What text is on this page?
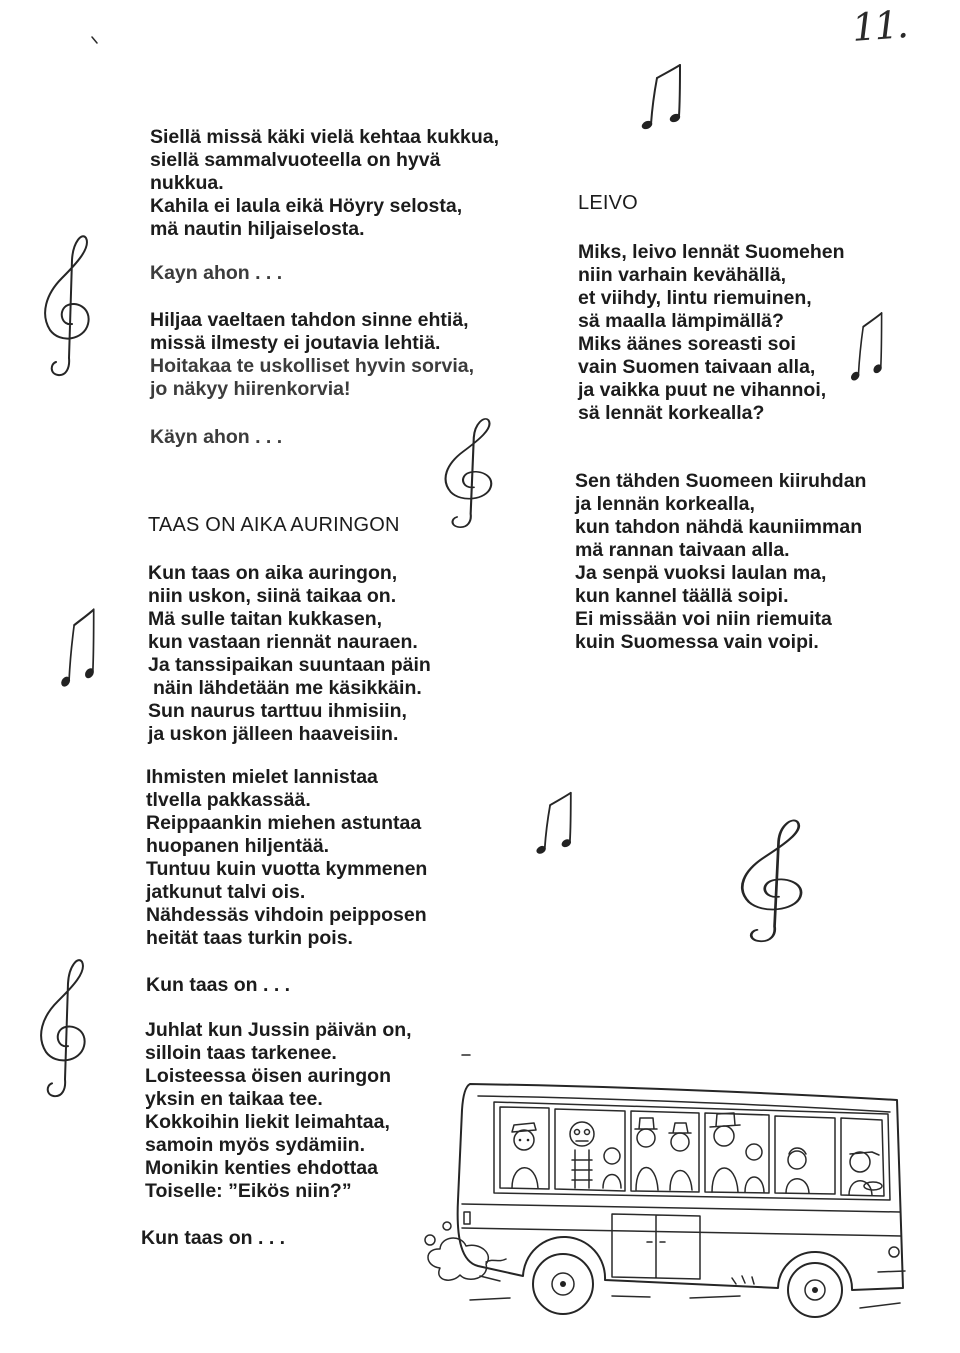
11.
Siellä missä käki vielä kehtaa kukkua,
siellä sammalvuoteella on hyvä
nukkua.
Kahila ei laula eikä Höyry selosta,
mä nautin hiljaiselosta.
Kayn ahon . . .
Hiljaa vaeltaen tahdon sinne ehtiä,
missä ilmesty ei joutavia lehtiä.
Hoitakaa te uskolliset hyvin sorvia,
jo näkyy hiirenkorvia!
Käyn ahon . . .
TAAS ON AIKA AURINGON
Kun taas on aika auringon,
niin uskon, siinä taikaa on.
Mä sulle taitan kukkasen,
kun vastaan riennät nauraen.
Ja tanssipaikan suuntaan päin
näin lähdetään me käsikkäin.
Sun naurus tarttuu ihmisiin,
ja uskon jälleen haaveisiin.
Ihmisten mielet lannistaa
tlvella pakkassää.
Reippaankin miehen astuntaa
huopanen hiljentää.
Tuntuu kuin vuotta kymmenen
jatkunut talvi ois.
Nähdessäs vihdoin peipposen
heität taas turkin pois.
Kun taas on . . .
Juhlat kun Jussin päivän on,
silloin taas tarkenee.
Loisteessa öisen auringon
yksin en taikaa tee.
Kokkoihin liekit leimahtaa,
samoin myös sydämiin.
Monikin kenties ehdottaa
Toiselle: ”Eikös niin?”
Kun taas on . . .
LEIVO
Miks, leivo lennät Suomehen
niin varhain kevähällä,
et viihdy, lintu riemuinen,
sä maalla lämpimällä?
Miks äänes soreasti soi
vain Suomen taivaan alla,
ja vaikka puut ne vihannoi,
sä lennät korkealla?
Sen tähden Suomeen kiiruhdan
ja lennän korkealla,
kun tahdon nähdä kauniimman
mä rannan taivaan alla.
Ja senpä vuoksi laulan ma,
kun kannel täällä soipi.
Ei missään voi niin riemuita
kuin Suomessa vain voipi.
